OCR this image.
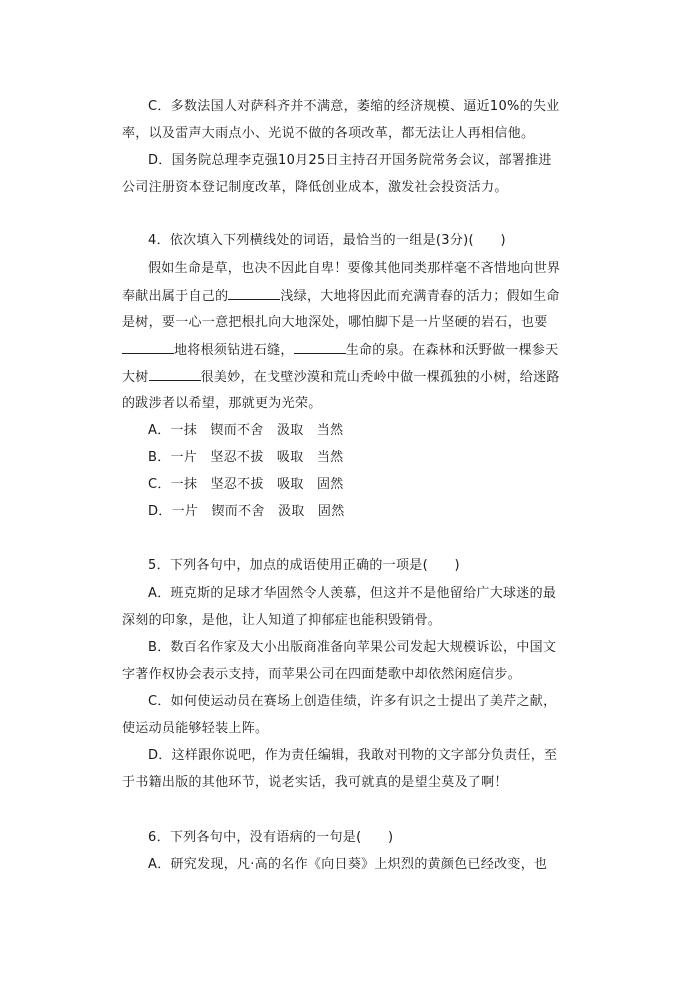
C．多数法国人对萨科齐并不满意，萎缩的经济规模、逼近10%的失业
率，以及雷声大雨点小、光说不做的各项改革，都无法让人再相信他。
D．国务院总理李克强10月25日主持召开国务院常务会议，部署推进
公司注册资本登记制度改革，降低创业成本，激发社会投资活力。
4．依次填入下列横线处的词语，最恰当的一组是(3分)(　　)
假如生命是草，也决不因此自卑！要像其他同类那样毫不吝惜地向世界
奉献出属于自己的	浅绿，大地将因此而充满青春的活力；假如生命
是树，要一心一意把根扎向大地深处，哪怕脚下是一片坚硬的岩石，也要
地将根须钻进石缝，	生命的泉。在森林和沃野做一棵参天
大树	很美妙，在戈壁沙漠和荒山秃岭中做一棵孤独的小树，给迷路
的跋涉者以希望，那就更为光荣。
A．一抹　锲而不舍　汲取　当然
B．一片　坚忍不拔　吸取　当然
C．一抹　坚忍不拔　吸取　固然
D．一片　锲而不舍　汲取　固然
5．下列各句中，加点的成语使用正确的一项是(　　)
A．班克斯的足球才华固然令人羡慕，但这并不是他留给广大球迷的最
深刻的印象，是他，让人知道了抑郁症也能积毁销骨。
B．数百名作家及大小出版商准备向苹果公司发起大规模诉讼，中国文
字著作权协会表示支持，而苹果公司在四面楚歌中却依然闲庭信步。
C．如何使运动员在赛场上创造佳绩，许多有识之士提出了美芹之献，
使运动员能够轻装上阵。
D．这样跟你说吧，作为责任编辑，我敢对刊物的文字部分负责任，至
于书籍出版的其他环节，说老实话，我可就真的是望尘莫及了啊！
6．下列各句中，没有语病的一句是(　　)
A．研究发现，凡·高的名作《向日葵》上炽烈的黄颜色已经改变，也
